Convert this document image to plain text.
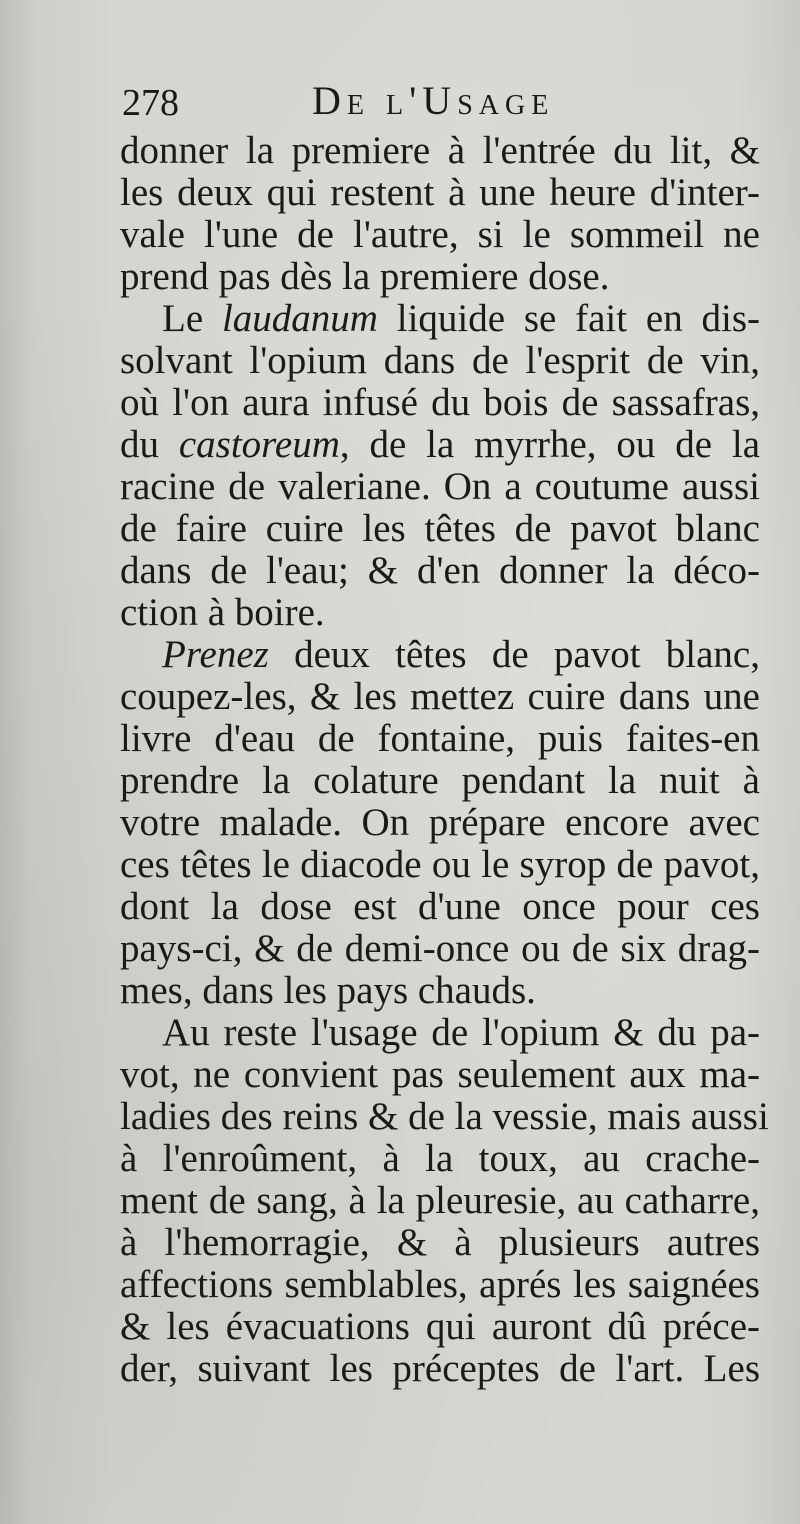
278	De l'Usage
donner la premiere à l'entrée du lit, &
les deux qui restent à une heure d'inter-
vale l'une de l'autre, si le sommeil ne
prend pas dès la premiere dose.
Le laudanum liquide se fait en dis-
solvant l'opium dans de l'esprit de vin,
où l'on aura infusé du bois de sassafras,
du castoreum, de la myrrhe, ou de la
racine de valeriane. On a coutume aussi
de faire cuire les têtes de pavot blanc
dans de l'eau; & d'en donner la déco-
ction à boire.
Prenez deux têtes de pavot blanc,
coupez-les, & les mettez cuire dans une
livre d'eau de fontaine, puis faites-en
prendre la colature pendant la nuit à
votre malade. On prépare encore avec
ces têtes le diacode ou le syrop de pavot,
dont la dose est d'une once pour ces
pays-ci, & de demi-once ou de six drag-
mes, dans les pays chauds.
Au reste l'usage de l'opium & du pa-
vot, ne convient pas seulement aux ma-
ladies des reins & de la vessie, mais aussi
à l'enroûment, à la toux, au crache-
ment de sang, à la pleuresie, au catharre,
à l'hemorragie, & à plusieurs autres
affections semblables, aprés les saignées
& les évacuations qui auront dû préce-
der, suivant les préceptes de l'art. Les
